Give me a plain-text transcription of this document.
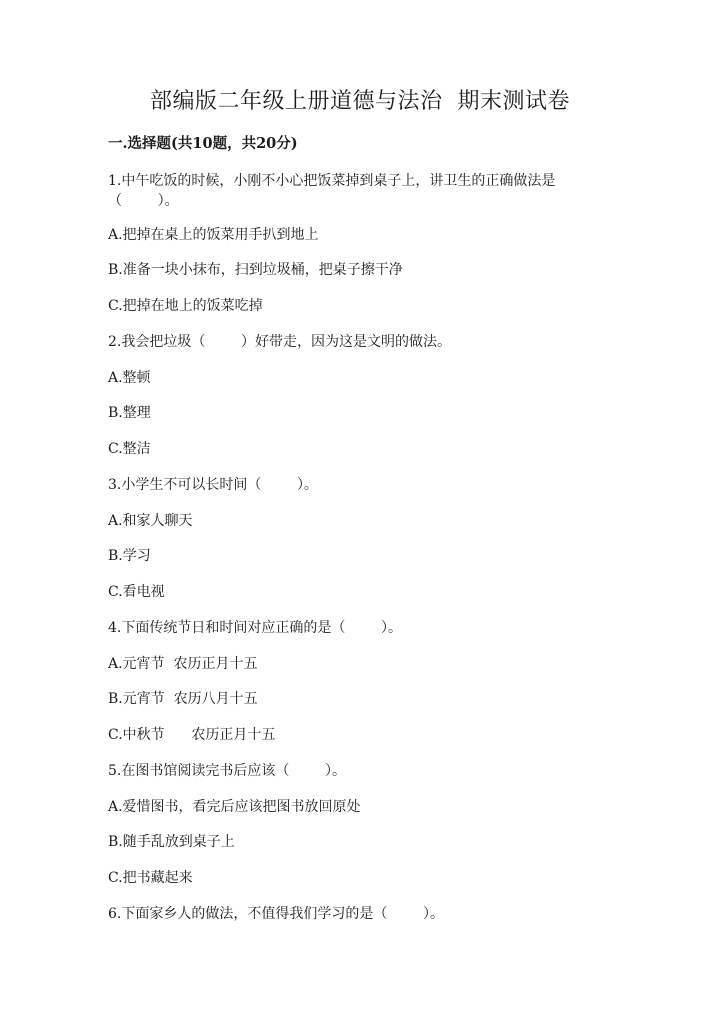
部编版二年级上册道德与法治  期末测试卷
一.选择题(共10题，共20分)
1.中午吃饭的时候，小刚不小心把饭菜掉到桌子上，讲卫生的正确做法是
（        ）。
A.把掉在桌上的饭菜用手扒到地上
B.准备一块小抹布，扫到垃圾桶，把桌子擦干净
C.把掉在地上的饭菜吃掉
2.我会把垃圾（        ）好带走，因为这是文明的做法。
A.整顿
B.整理
C.整洁
3.小学生不可以长时间（        ）。
A.和家人聊天
B.学习
C.看电视
4.下面传统节日和时间对应正确的是（        ）。
A.元宵节  农历正月十五
B.元宵节  农历八月十五
C.中秋节      农历正月十五
5.在图书馆阅读完书后应该（        ）。
A.爱惜图书，看完后应该把图书放回原处
B.随手乱放到桌子上
C.把书藏起来
6.下面家乡人的做法，不值得我们学习的是（        ）。
